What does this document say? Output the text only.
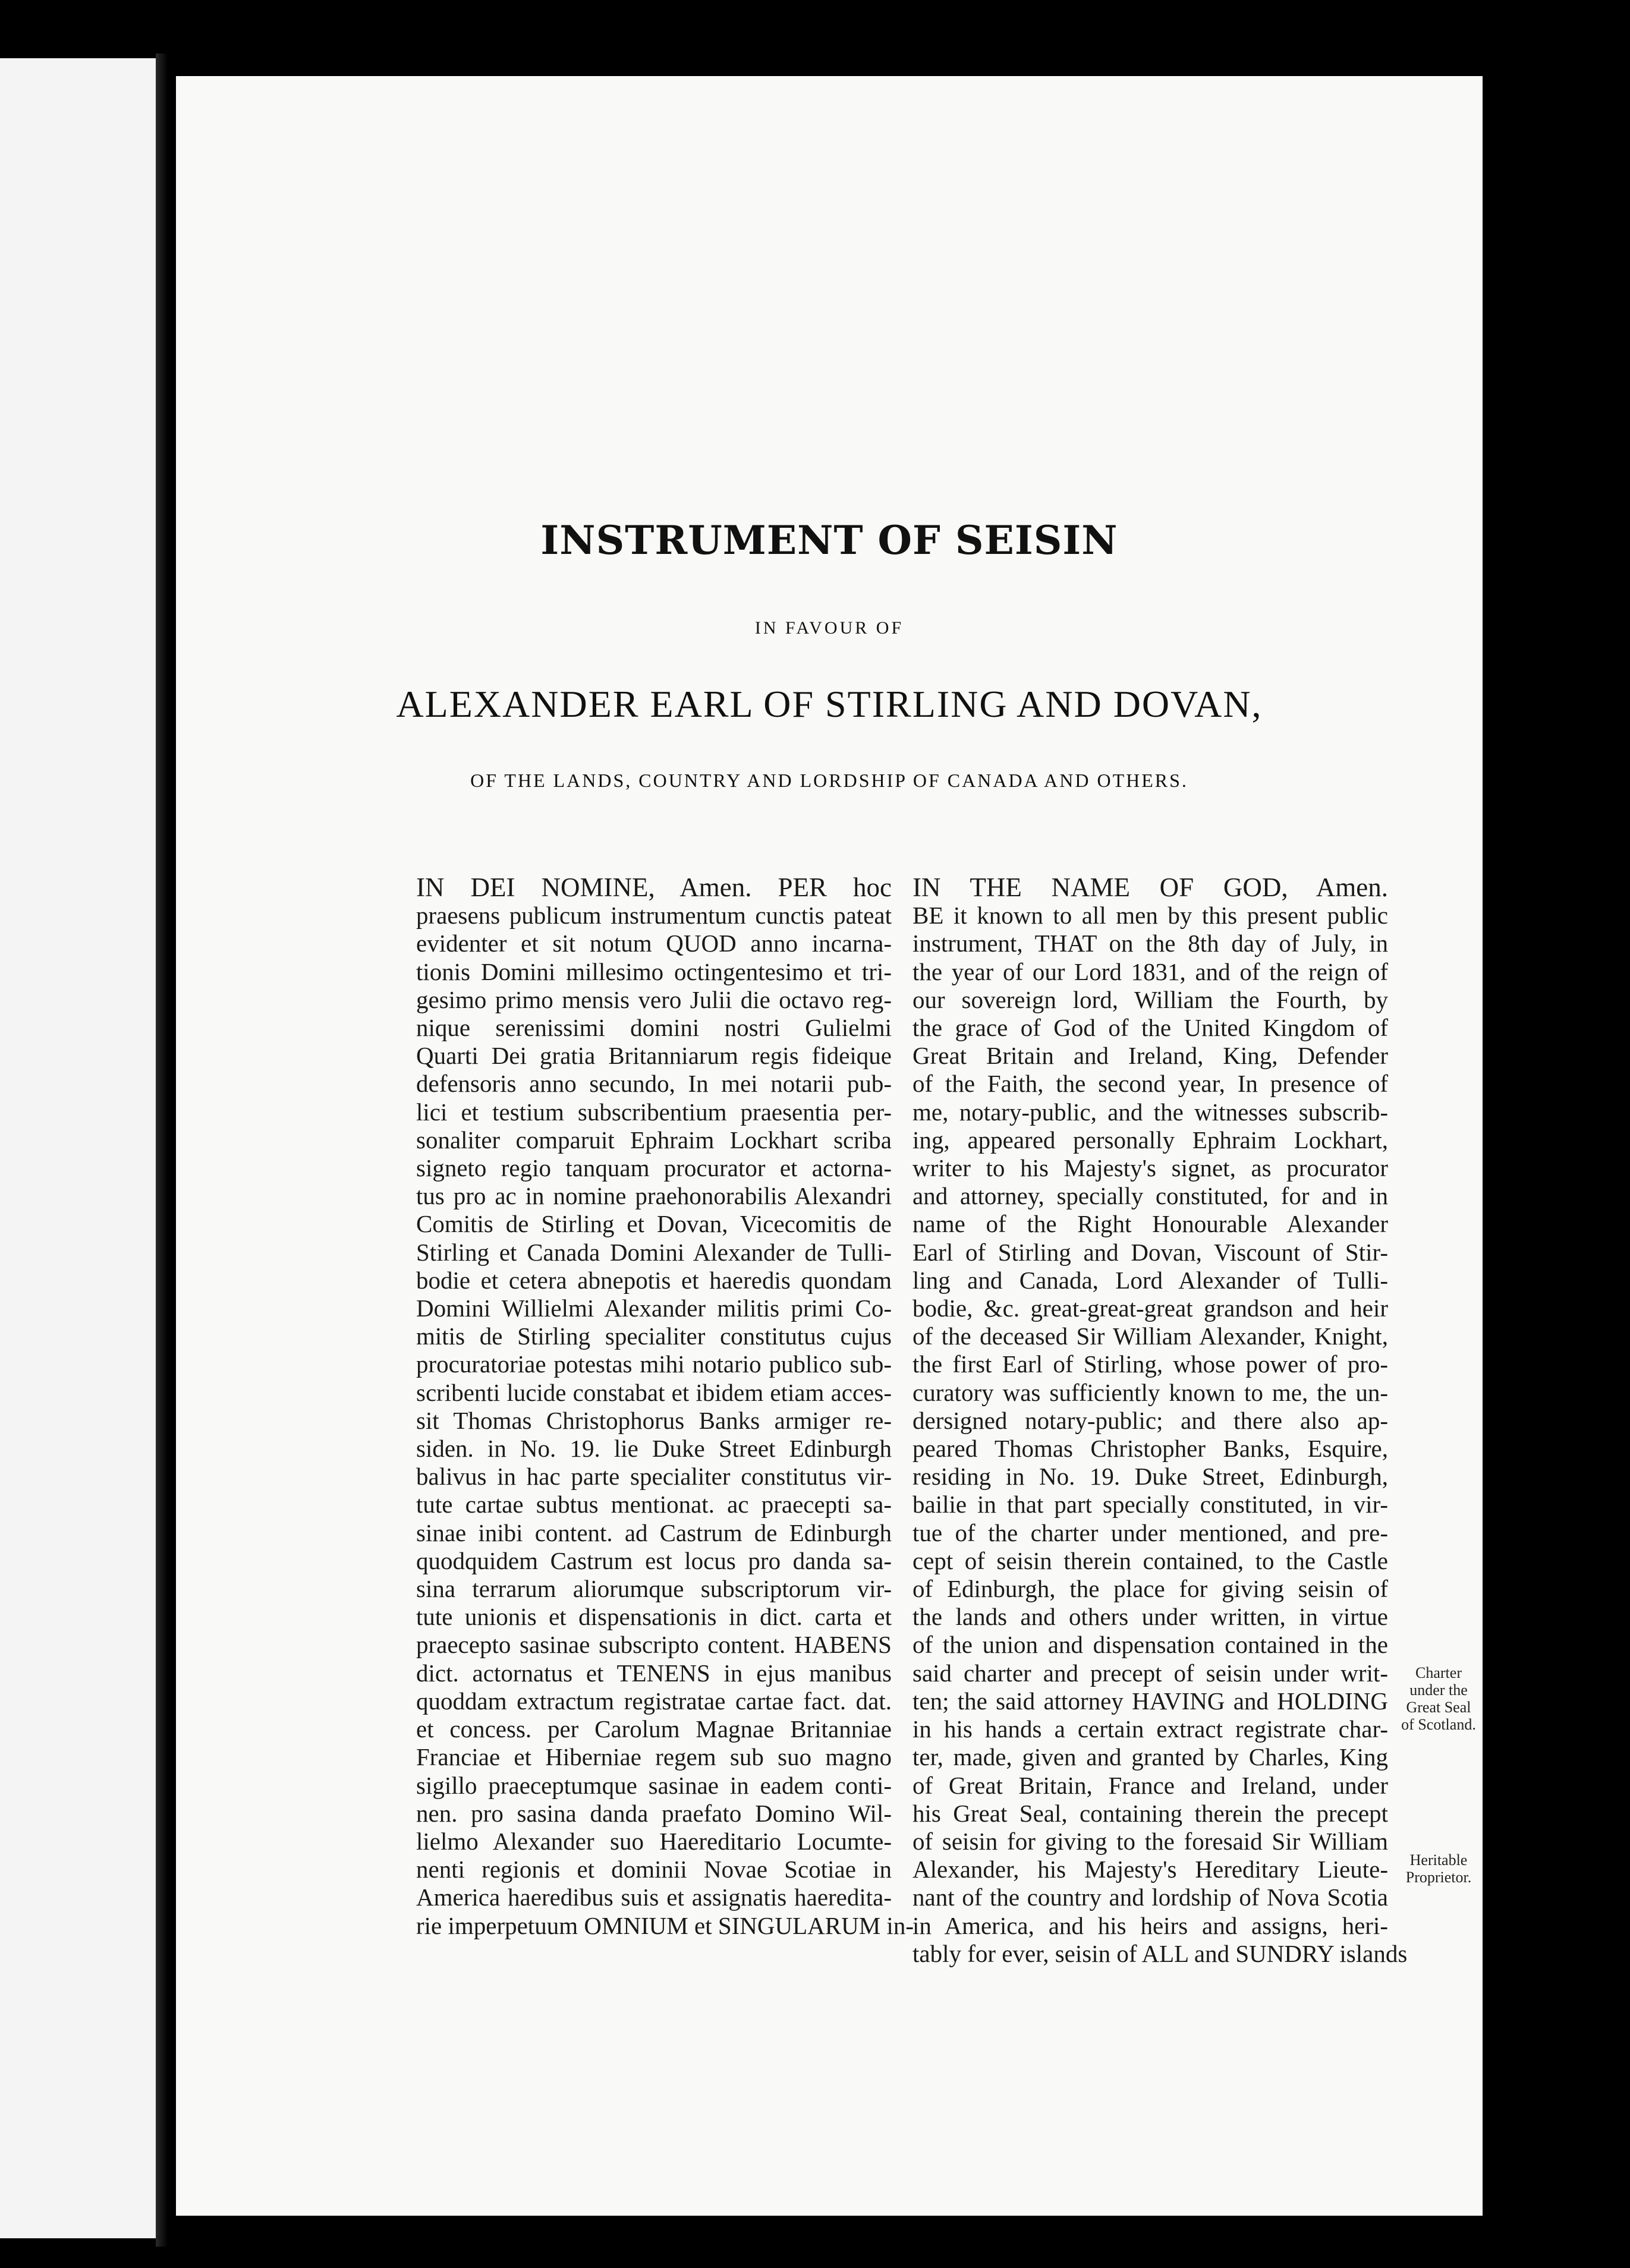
INSTRUMENT OF SEISIN
IN FAVOUR OF
ALEXANDER EARL OF STIRLING AND DOVAN,
OF THE LANDS, COUNTRY AND LORDSHIP OF CANADA AND OTHERS.
IN DEI NOMINE, Amen. PER hoc
praesens publicum instrumentum cunctis pateat
evidenter et sit notum QUOD anno incarna-
tionis Domini millesimo octingentesimo et tri-
gesimo primo mensis vero Julii die octavo reg-
nique serenissimi domini nostri Gulielmi
Quarti Dei gratia Britanniarum regis fideique
defensoris anno secundo, In mei notarii pub-
lici et testium subscribentium praesentia per-
sonaliter comparuit Ephraim Lockhart scriba
signeto regio tanquam procurator et actorna-
tus pro ac in nomine praehonorabilis Alexandri
Comitis de Stirling et Dovan, Vicecomitis de
Stirling et Canada Domini Alexander de Tulli-
bodie et cetera abnepotis et haeredis quondam
Domini Willielmi Alexander militis primi Co-
mitis de Stirling specialiter constitutus cujus
procuratoriae potestas mihi notario publico sub-
scribenti lucide constabat et ibidem etiam acces-
sit Thomas Christophorus Banks armiger re-
siden. in No. 19. lie Duke Street Edinburgh
balivus in hac parte specialiter constitutus vir-
tute cartae subtus mentionat. ac praecepti sa-
sinae inibi content. ad Castrum de Edinburgh
quodquidem Castrum est locus pro danda sa-
sina terrarum aliorumque subscriptorum vir-
tute unionis et dispensationis in dict. carta et
praecepto sasinae subscripto content. HABENS
dict. actornatus et TENENS in ejus manibus
quoddam extractum registratae cartae fact. dat.
et concess. per Carolum Magnae Britanniae
Franciae et Hiberniae regem sub suo magno
sigillo praeceptumque sasinae in eadem conti-
nen. pro sasina danda praefato Domino Wil-
lielmo Alexander suo Haereditario Locumte-
nenti regionis et dominii Novae Scotiae in
America haeredibus suis et assignatis haeredita-
rie imperpetuum OMNIUM et SINGULARUM in-
IN THE NAME OF GOD, Amen.
BE it known to all men by this present public
instrument, THAT on the 8th day of July, in
the year of our Lord 1831, and of the reign of
our sovereign lord, William the Fourth, by
the grace of God of the United Kingdom of
Great Britain and Ireland, King, Defender
of the Faith, the second year, In presence of
me, notary-public, and the witnesses subscrib-
ing, appeared personally Ephraim Lockhart,
writer to his Majesty's signet, as procurator
and attorney, specially constituted, for and in
name of the Right Honourable Alexander
Earl of Stirling and Dovan, Viscount of Stir-
ling and Canada, Lord Alexander of Tulli-
bodie, &c. great-great-great grandson and heir
of the deceased Sir William Alexander, Knight,
the first Earl of Stirling, whose power of pro-
curatory was sufficiently known to me, the un-
dersigned notary-public; and there also ap-
peared Thomas Christopher Banks, Esquire,
residing in No. 19. Duke Street, Edinburgh,
bailie in that part specially constituted, in vir-
tue of the charter under mentioned, and pre-
cept of seisin therein contained, to the Castle
of Edinburgh, the place for giving seisin of
the lands and others under written, in virtue
of the union and dispensation contained in the
said charter and precept of seisin under writ-
ten; the said attorney HAVING and HOLDING
in his hands a certain extract registrate char-
ter, made, given and granted by Charles, King
of Great Britain, France and Ireland, under
his Great Seal, containing therein the precept
of seisin for giving to the foresaid Sir William
Alexander, his Majesty's Hereditary Lieute-
nant of the country and lordship of Nova Scotia
in America, and his heirs and assigns, heri-
tably for ever, seisin of ALL and SUNDRY islands
Charter
under the
Great Seal
of Scotland.
Heritable
Proprietor.
